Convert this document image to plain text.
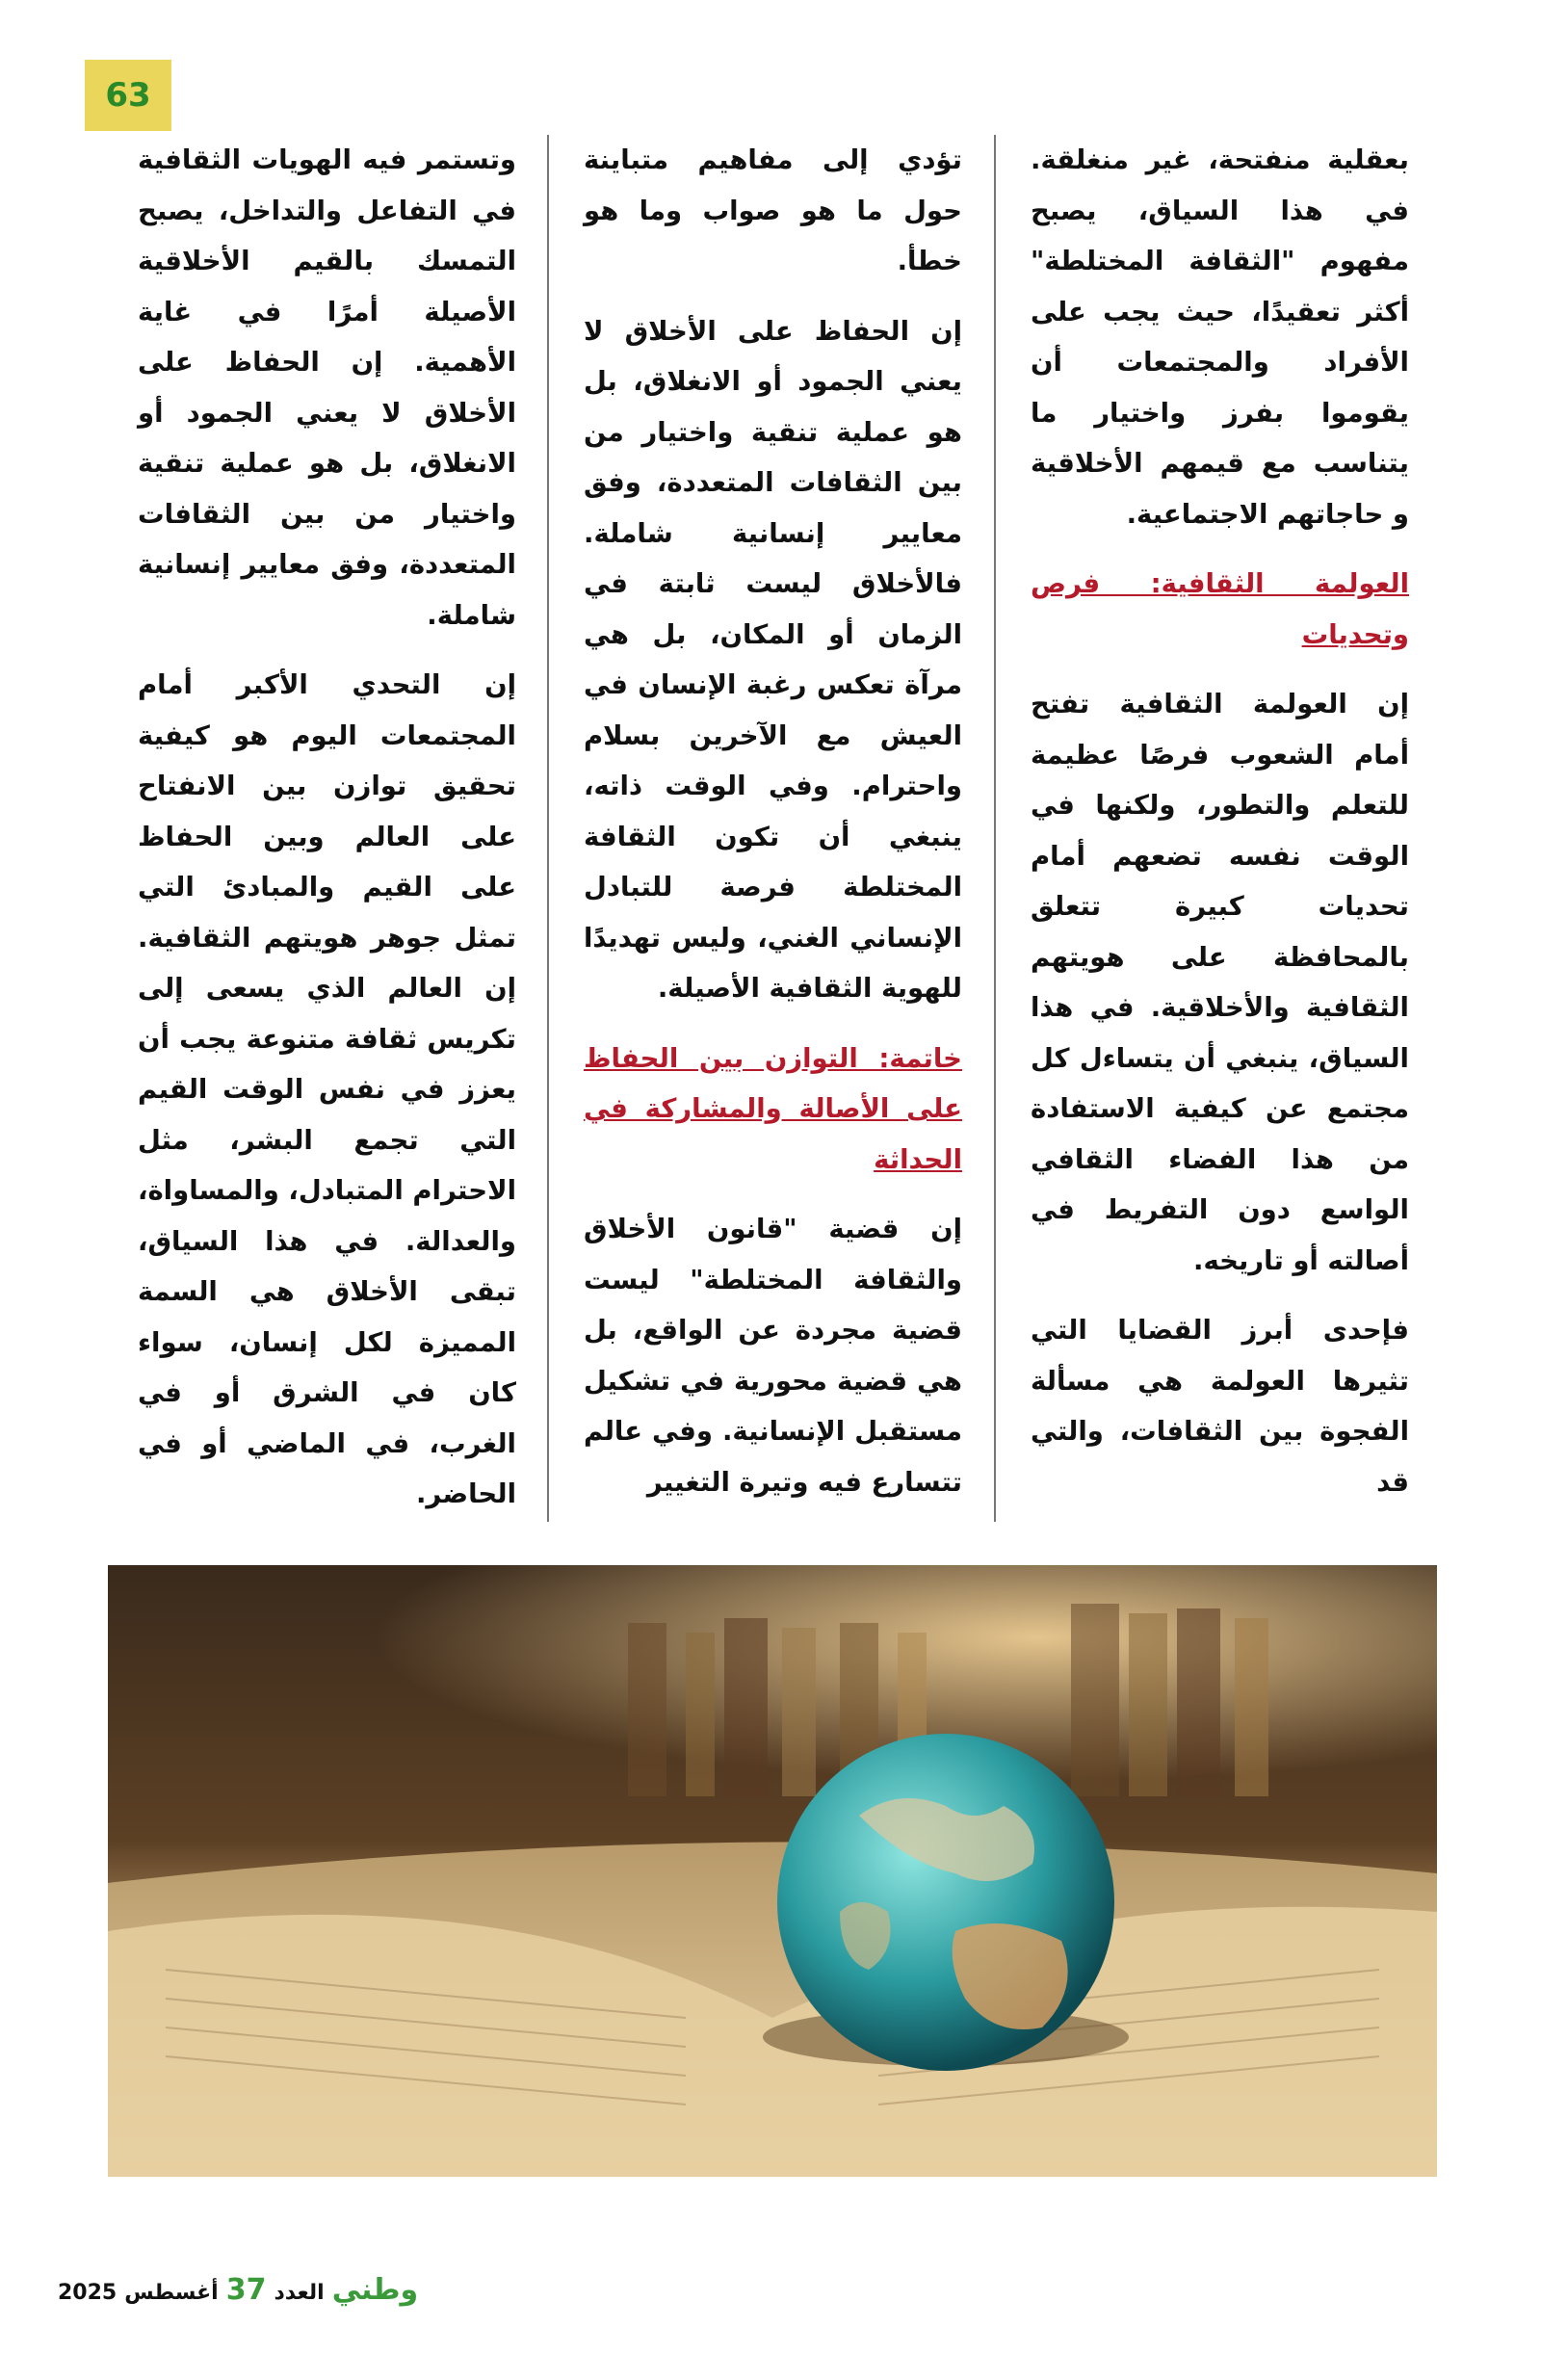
63

بعقلية منفتحة، غير منغلقة. في هذا السياق، يصبح مفهوم "الثقافة المختلطة" أكثر تعقيدًا، حيث يجب على الأفراد والمجتمعات أن يقوموا بفرز واختيار ما يتناسب مع قيمهم الأخلاقية و حاجاتهم الاجتماعية.

العولمة الثقافية: فرص وتحديات

إن العولمة الثقافية تفتح أمام الشعوب فرصًا عظيمة للتعلم والتطور، ولكنها في الوقت نفسه تضعهم أمام تحديات كبيرة تتعلق بالمحافظة على هويتهم الثقافية والأخلاقية. في هذا السياق، ينبغي أن يتساءل كل مجتمع عن كيفية الاستفادة من هذا الفضاء الثقافي الواسع دون التفريط في أصالته أو تاريخه.

فإحدى أبرز القضايا التي تثيرها العولمة هي مسألة الفجوة بين الثقافات، والتي قد

تؤدي إلى مفاهيم متباينة حول ما هو صواب وما هو خطأ.

إن الحفاظ على الأخلاق لا يعني الجمود أو الانغلاق، بل هو عملية تنقية واختيار من بين الثقافات المتعددة، وفق معايير إنسانية شاملة. فالأخلاق ليست ثابتة في الزمان أو المكان، بل هي مرآة تعكس رغبة الإنسان في العيش مع الآخرين بسلام واحترام. وفي الوقت ذاته، ينبغي أن تكون الثقافة المختلطة فرصة للتبادل الإنساني الغني، وليس تهديدًا للهوية الثقافية الأصيلة.

خاتمة: التوازن بين الحفاظ على الأصالة والمشاركة في الحداثة

إن قضية "قانون الأخلاق والثقافة المختلطة" ليست قضية مجردة عن الواقع، بل هي قضية محورية في تشكيل مستقبل الإنسانية. وفي عالم تتسارع فيه وتيرة التغيير

وتستمر فيه الهويات الثقافية في التفاعل والتداخل، يصبح التمسك بالقيم الأخلاقية الأصيلة أمرًا في غاية الأهمية. إن الحفاظ على الأخلاق لا يعني الجمود أو الانغلاق، بل هو عملية تنقية واختيار من بين الثقافات المتعددة، وفق معايير إنسانية شاملة.

إن التحدي الأكبر أمام المجتمعات اليوم هو كيفية تحقيق توازن بين الانفتاح على العالم وبين الحفاظ على القيم والمبادئ التي تمثل جوهر هويتهم الثقافية. إن العالم الذي يسعى إلى تكريس ثقافة متنوعة يجب أن يعزز في نفس الوقت القيم التي تجمع البشر، مثل الاحترام المتبادل، والمساواة، والعدالة. في هذا السياق، تبقى الأخلاق هي السمة المميزة لكل إنسان، سواء كان في الشرق أو في الغرب، في الماضي أو في الحاضر.

وطني
العدد
37
أغسطس
2025
